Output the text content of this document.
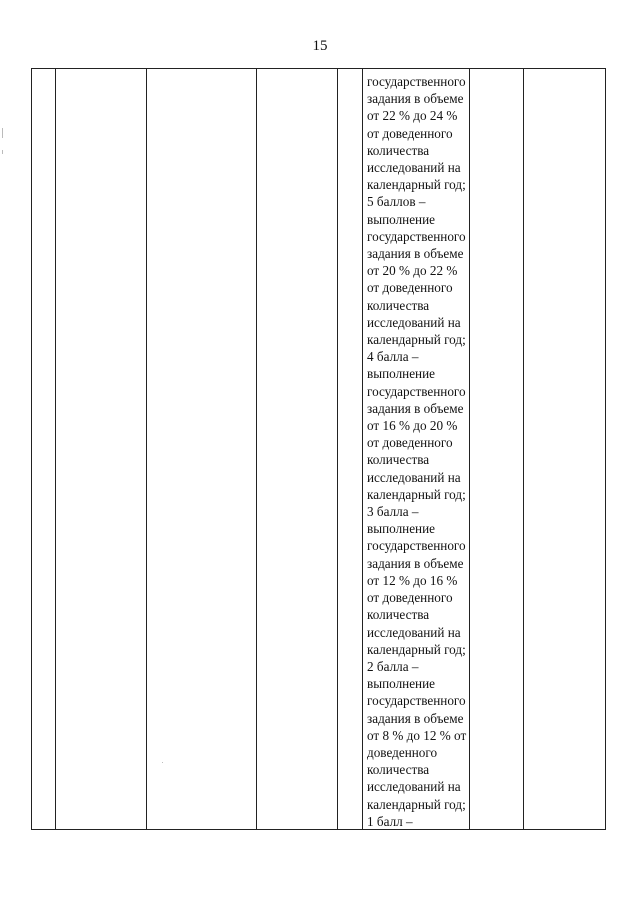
15
государственного
задания в объеме
от 22 % до 24 %
от доведенного
количества
исследований на
календарный год;
5 баллов –
выполнение
государственного
задания в объеме
от 20 % до 22 %
от доведенного
количества
исследований на
календарный год;
4 балла –
выполнение
государственного
задания в объеме
от 16 % до 20 %
от доведенного
количества
исследований на
календарный год;
3 балла –
выполнение
государственного
задания в объеме
от 12 % до 16 %
от доведенного
количества
исследований на
календарный год;
2 балла –
выполнение
государственного
задания в объеме
от 8 % до 12 % от
доведенного
количества
исследований на
календарный год;
1 балл –
